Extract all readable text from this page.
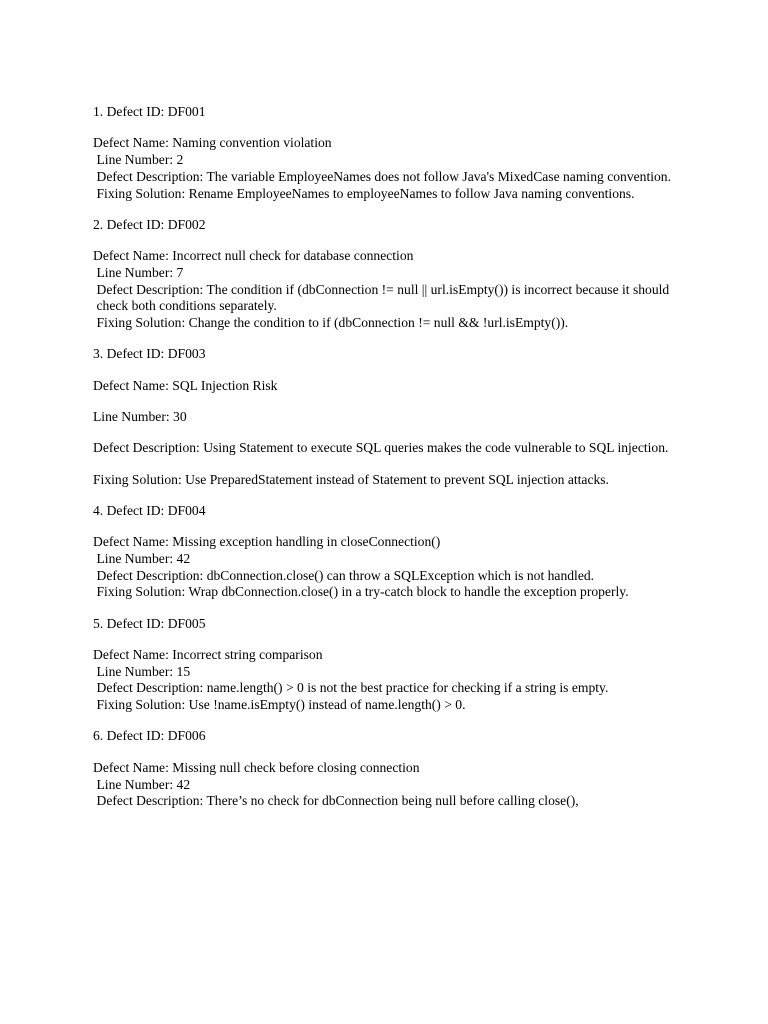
1. Defect ID: DF001

Defect Name: Naming convention violation

Line Number: 2

Defect Description: The variable EmployeeNames does not follow Java's MixedCase naming convention.

Fixing Solution: Rename EmployeeNames to employeeNames to follow Java naming conventions.

2. Defect ID: DF002

Defect Name: Incorrect null check for database connection

Line Number: 7

Defect Description: The condition if (dbConnection != null || url.isEmpty()) is incorrect because it should check both conditions separately.

Fixing Solution: Change the condition to if (dbConnection != null && !url.isEmpty()).

3. Defect ID: DF003

Defect Name: SQL Injection Risk

Line Number: 30

Defect Description: Using Statement to execute SQL queries makes the code vulnerable to SQL injection.

Fixing Solution: Use PreparedStatement instead of Statement to prevent SQL injection attacks.

4. Defect ID: DF004

Defect Name: Missing exception handling in closeConnection()

Line Number: 42

Defect Description: dbConnection.close() can throw a SQLException which is not handled.

Fixing Solution: Wrap dbConnection.close() in a try-catch block to handle the exception properly.

5. Defect ID: DF005

Defect Name: Incorrect string comparison

Line Number: 15

Defect Description: name.length() > 0 is not the best practice for checking if a string is empty.

Fixing Solution: Use !name.isEmpty() instead of name.length() > 0.

6. Defect ID: DF006

Defect Name: Missing null check before closing connection

Line Number: 42

Defect Description: There’s no check for dbConnection being null before calling close(),
